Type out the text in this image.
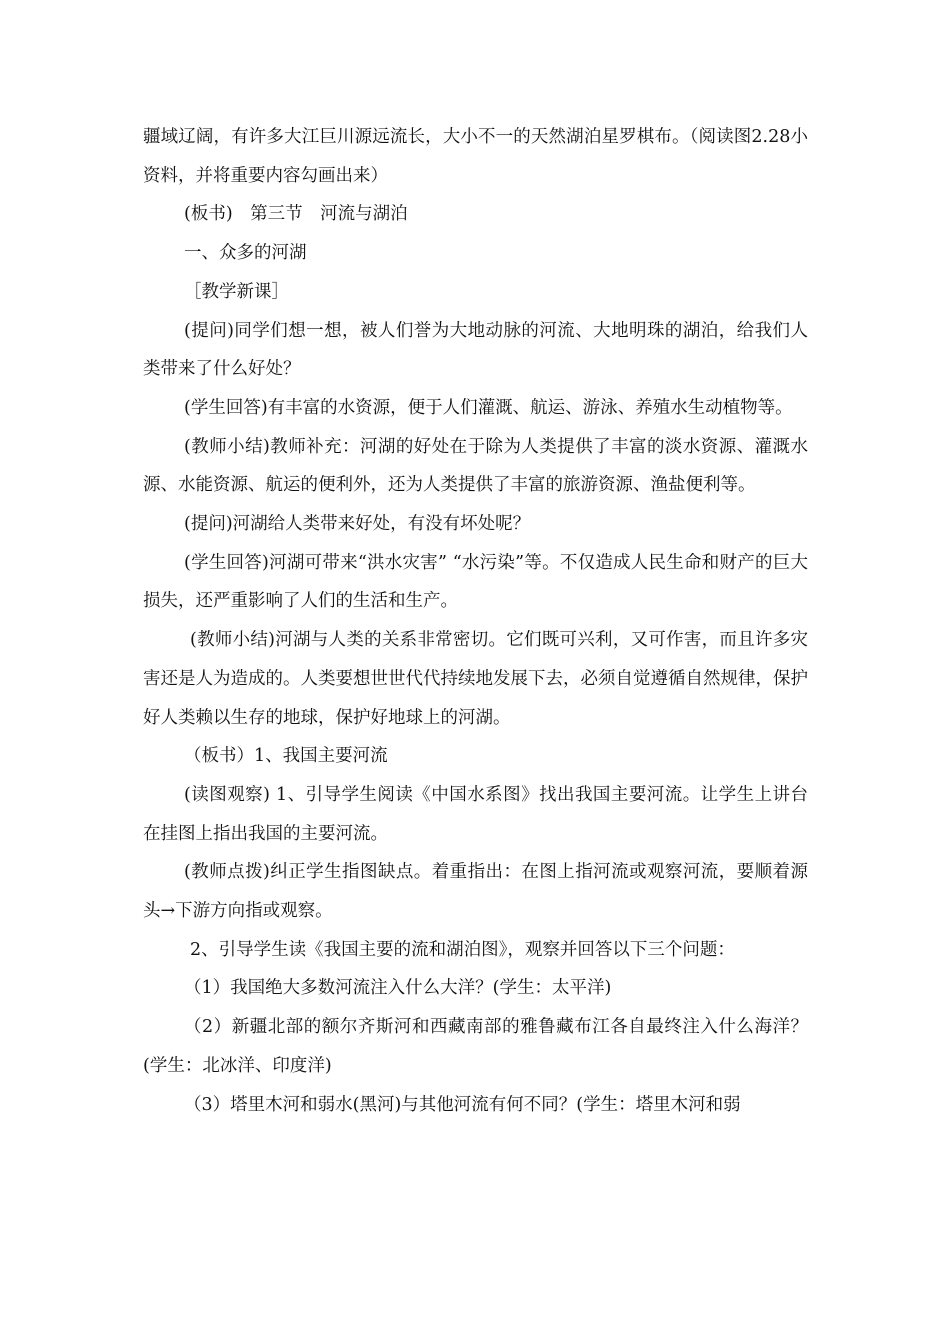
疆域辽阔，有许多大江巨川源远流长，大小不一的天然湖泊星罗棋布。（阅读图2.28小资料，并将重要内容勾画出来）

(板书)　第三节　河流与湖泊

一、众多的河湖

［教学新课］

(提问)同学们想一想，被人们誉为大地动脉的河流、大地明珠的湖泊，给我们人类带来了什么好处？

(学生回答)有丰富的水资源，便于人们灌溉、航运、游泳、养殖水生动植物等。

(教师小结)教师补充：河湖的好处在于除为人类提供了丰富的淡水资源、灌溉水源、水能资源、航运的便利外，还为人类提供了丰富的旅游资源、渔盐便利等。

(提问)河湖给人类带来好处，有没有坏处呢？

(学生回答)河湖可带来“洪水灾害” “水污染”等。不仅造成人民生命和财产的巨大损失，还严重影响了人们的生活和生产。

(教师小结)河湖与人类的关系非常密切。它们既可兴利，又可作害，而且许多灾害还是人为造成的。人类要想世世代代持续地发展下去，必须自觉遵循自然规律，保护好人类赖以生存的地球，保护好地球上的河湖。

（板书）1、我国主要河流

(读图观察) 1、引导学生阅读《中国水系图》找出我国主要河流。让学生上讲台在挂图上指出我国的主要河流。

(教师点拨)纠正学生指图缺点。着重指出：在图上指河流或观察河流，要顺着源头→下游方向指或观察。

2、引导学生读《我国主要的流和湖泊图》，观察并回答以下三个问题：

（1）我国绝大多数河流注入什么大洋？(学生：太平洋)

（2）新疆北部的额尔齐斯河和西藏南部的雅鲁藏布江各自最终注入什么海洋？(学生：北冰洋、印度洋)

（3）塔里木河和弱水(黑河)与其他河流有何不同？(学生：塔里木河和弱
